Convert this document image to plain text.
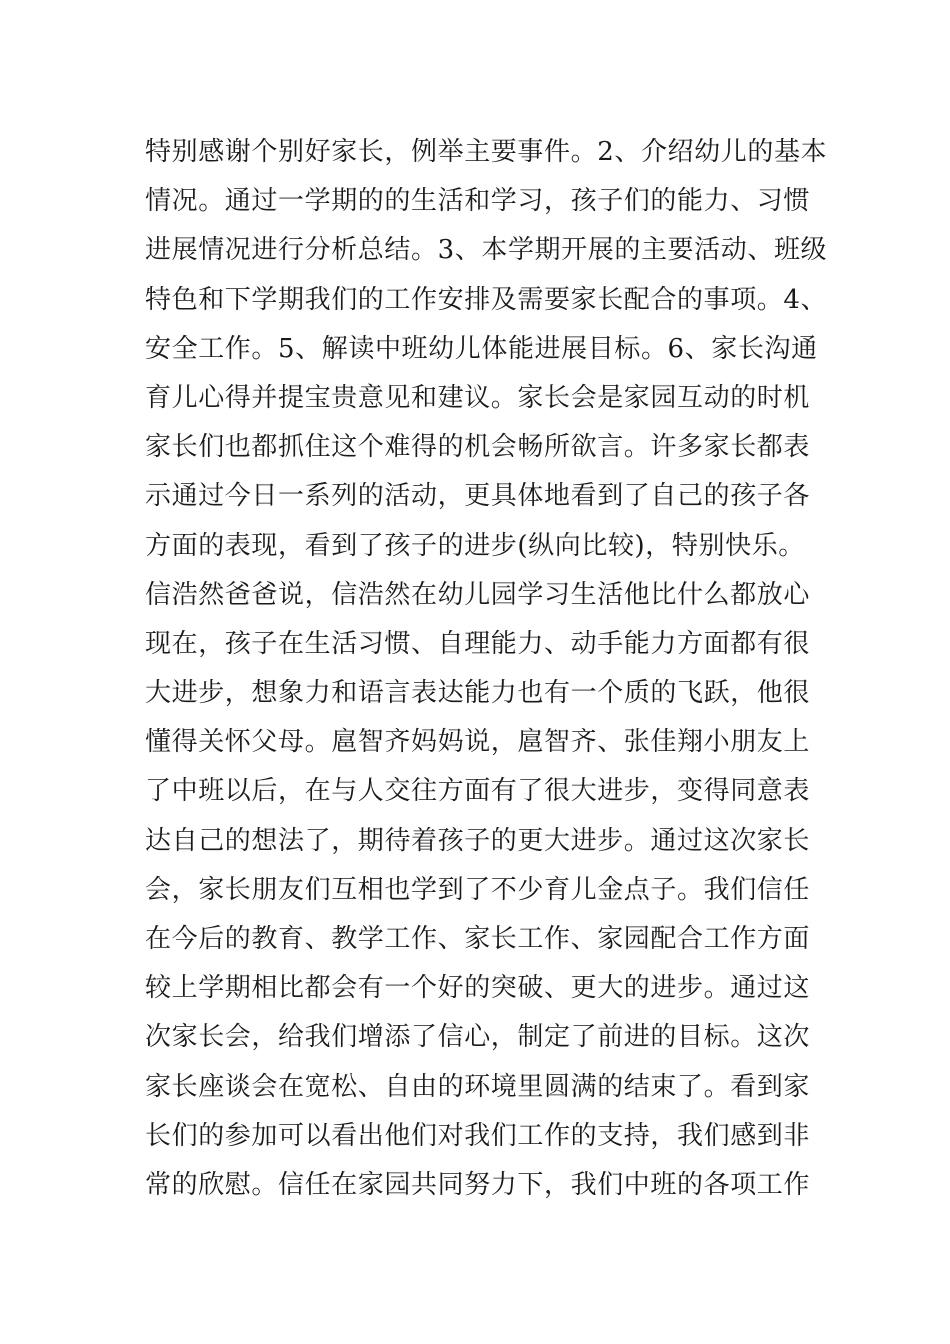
特别感谢个别好家长，例举主要事件。2、介绍幼儿的基本
情况。通过一学期的的生活和学习，孩子们的能力、习惯
进展情况进行分析总结。3、本学期开展的主要活动、班级
特色和下学期我们的工作安排及需要家长配合的事项。4、
安全工作。5、解读中班幼儿体能进展目标。6、家长沟通
育儿心得并提宝贵意见和建议。家长会是家园互动的时机
家长们也都抓住这个难得的机会畅所欲言。许多家长都表
示通过今日一系列的活动，更具体地看到了自己的孩子各
方面的表现，看到了孩子的进步(纵向比较)，特别快乐。
信浩然爸爸说，信浩然在幼儿园学习生活他比什么都放心
现在，孩子在生活习惯、自理能力、动手能力方面都有很
大进步，想象力和语言表达能力也有一个质的飞跃，他很
懂得关怀父母。扈智齐妈妈说，扈智齐、张佳翔小朋友上
了中班以后，在与人交往方面有了很大进步，变得同意表
达自己的想法了，期待着孩子的更大进步。通过这次家长
会，家长朋友们互相也学到了不少育儿金点子。我们信任
在今后的教育、教学工作、家长工作、家园配合工作方面
较上学期相比都会有一个好的突破、更大的进步。通过这
次家长会，给我们增添了信心，制定了前进的目标。这次
家长座谈会在宽松、自由的环境里圆满的结束了。看到家
长们的参加可以看出他们对我们工作的支持，我们感到非
常的欣慰。信任在家园共同努力下，我们中班的各项工作
